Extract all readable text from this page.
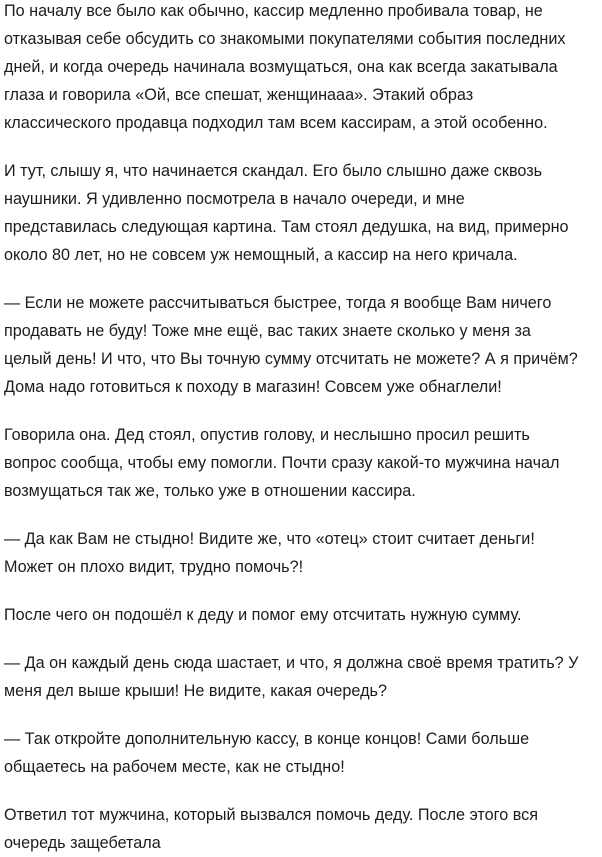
По началу все было как обычно, кассир медленно пробивала товар, не
отказывая себе обсудить со знакомыми покупателями события последних
дней, и когда очередь начинала возмущаться, она как всегда закатывала
глаза и говорила «Ой, все спешат, женщинааа». Этакий образ
классического продавца подходил там всем кассирам, а этой особенно.
И тут, слышу я, что начинается скандал. Его было слышно даже сквозь
наушники. Я удивленно посмотрела в начало очереди, и мне
представилась следующая картина. Там стоял дедушка, на вид, примерно
около 80 лет, но не совсем уж немощный, а кассир на него кричала.
— Если не можете рассчитываться быстрее, тогда я вообще Вам ничего
продавать не буду! Тоже мне ещё, вас таких знаете сколько у меня за
целый день! И что, что Вы точную сумму отсчитать не можете? А я причём?
Дома надо готовиться к походу в магазин! Совсем уже обнаглели!
Говорила она. Дед стоял, опустив голову, и неслышно просил решить
вопрос сообща, чтобы ему помогли. Почти сразу какой-то мужчина начал
возмущаться так же, только уже в отношении кассира.
— Да как Вам не стыдно! Видите же, что «отец» стоит считает деньги!
Может он плохо видит, трудно помочь?!
После чего он подошёл к деду и помог ему отсчитать нужную сумму.
— Да он каждый день сюда шастает, и что, я должна своё время тратить? У
меня дел выше крыши! Не видите, какая очередь?
— Так откройте дополнительную кассу, в конце концов! Сами больше
общаетесь на рабочем месте, как не стыдно!
Ответил тот мужчина, который вызвался помочь деду. После этого вся
очередь защебетала
